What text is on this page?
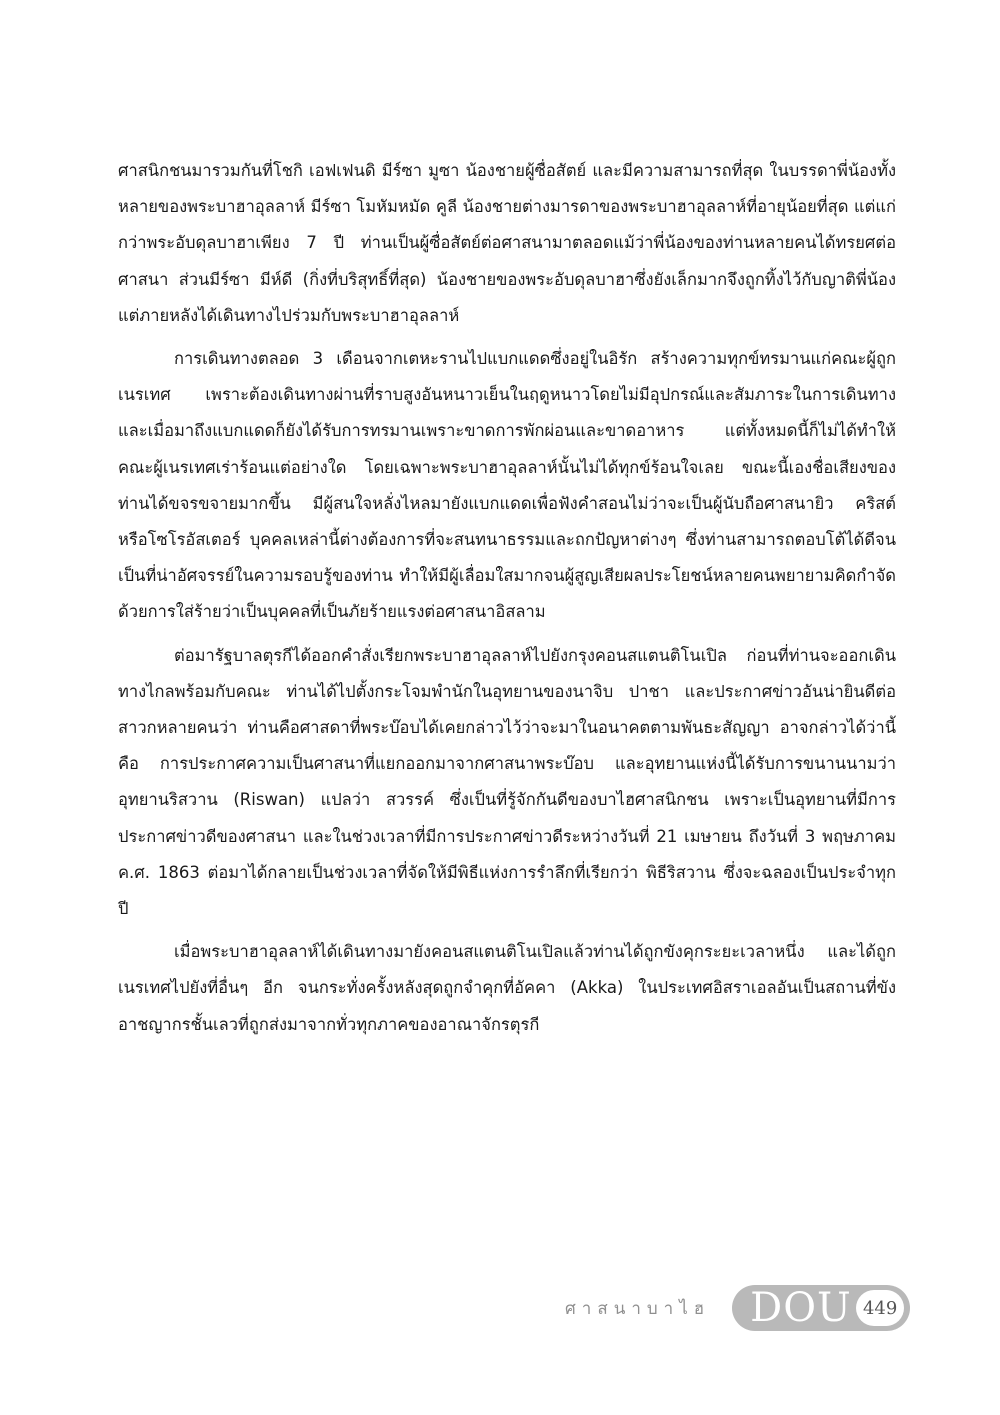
ศาสนิกชนมารวมกันที่โชกิ เอฟเฟนดิ มีร์ซา มูซา น้องชายผู้ซื่อสัตย์ และมีความสามารถที่สุด ในบรรดาพี่น้องทั้งหลายของพระบาฮาอุลลาห์ มีร์ซา โมหัมหมัด คูลี น้องชายต่างมารดาของพระบาฮาอุลลาห์ที่อายุน้อยที่สุด แต่แก่กว่าพระอับดุลบาฮาเพียง 7 ปี ท่านเป็นผู้ซื่อสัตย์ต่อศาสนามาตลอดแม้ว่าพี่น้องของท่านหลายคนได้ทรยศต่อศาสนา ส่วนมีร์ซา มีห์ดี (กิ่งที่บริสุทธิ์ที่สุด) น้องชายของพระอับดุลบาฮาซึ่งยังเล็กมากจึงถูกทิ้งไว้กับญาติพี่น้อง แต่ภายหลังได้เดินทางไปร่วมกับพระบาฮาอุลลาห์

การเดินทางตลอด 3 เดือนจากเตหะรานไปแบกแดดซึ่งอยู่ในอิรัก สร้างความทุกข์ทรมานแก่คณะผู้ถูกเนรเทศ เพราะต้องเดินทางผ่านที่ราบสูงอันหนาวเย็นในฤดูหนาวโดยไม่มีอุปกรณ์และสัมภาระในการเดินทาง และเมื่อมาถึงแบกแดดก็ยังได้รับการทรมานเพราะขาดการพักผ่อนและขาดอาหาร แต่ทั้งหมดนี้ก็ไม่ได้ทำให้คณะผู้เนรเทศเร่าร้อนแต่อย่างใด โดยเฉพาะพระบาฮาอุลลาห์นั้นไม่ได้ทุกข์ร้อนใจเลย ขณะนี้เองชื่อเสียงของท่านได้ขจรขจายมากขึ้น มีผู้สนใจหลั่งไหลมายังแบกแดดเพื่อฟังคำสอนไม่ว่าจะเป็นผู้นับถือศาสนายิว คริสต์ หรือโซโรอัสเตอร์ บุคคลเหล่านี้ต่างต้องการที่จะสนทนาธรรมและถกปัญหาต่างๆ ซึ่งท่านสามารถตอบโต้ได้ดีจนเป็นที่น่าอัศจรรย์ในความรอบรู้ของท่าน ทำให้มีผู้เลื่อมใสมากจนผู้สูญเสียผลประโยชน์หลายคนพยายามคิดกำจัดด้วยการใส่ร้ายว่าเป็นบุคคลที่เป็นภัยร้ายแรงต่อศาสนาอิสลาม

ต่อมารัฐบาลตุรกีได้ออกคำสั่งเรียกพระบาฮาอุลลาห์ไปยังกรุงคอนสแตนติโนเปิล ก่อนที่ท่านจะออกเดินทางไกลพร้อมกับคณะ ท่านได้ไปตั้งกระโจมพำนักในอุทยานของนาจิบ ปาชา และประกาศข่าวอันน่ายินดีต่อสาวกหลายคนว่า ท่านคือศาสดาที่พระบ๊อบได้เคยกล่าวไว้ว่าจะมาในอนาคตตามพันธะสัญญา อาจกล่าวได้ว่านี้คือ การประกาศความเป็นศาสนาที่แยกออกมาจากศาสนาพระบ๊อบ และอุทยานแห่งนี้ได้รับการขนานนามว่า อุทยานริสวาน (Riswan) แปลว่า สวรรค์ ซึ่งเป็นที่รู้จักกันดีของบาไฮศาสนิกชน เพราะเป็นอุทยานที่มีการประกาศข่าวดีของศาสนา และในช่วงเวลาที่มีการประกาศข่าวดีระหว่างวันที่ 21 เมษายน ถึงวันที่ 3 พฤษภาคม ค.ศ. 1863 ต่อมาได้กลายเป็นช่วงเวลาที่จัดให้มีพิธีแห่งการรำลึกที่เรียกว่า พิธีริสวาน ซึ่งจะฉลองเป็นประจำทุกปี

เมื่อพระบาฮาอุลลาห์ได้เดินทางมายังคอนสแตนติโนเปิลแล้วท่านได้ถูกขังคุกระยะเวลาหนึ่ง และได้ถูกเนรเทศไปยังที่อื่นๆ อีก จนกระทั่งครั้งหลังสุดถูกจำคุกที่อัคคา (Akka) ในประเทศอิสราเอลอันเป็นสถานที่ขังอาชญากรชั้นเลวที่ถูกส่งมาจากทั่วทุกภาคของอาณาจักรตุรกี

ศาสนาบาไฮ DOU 449
